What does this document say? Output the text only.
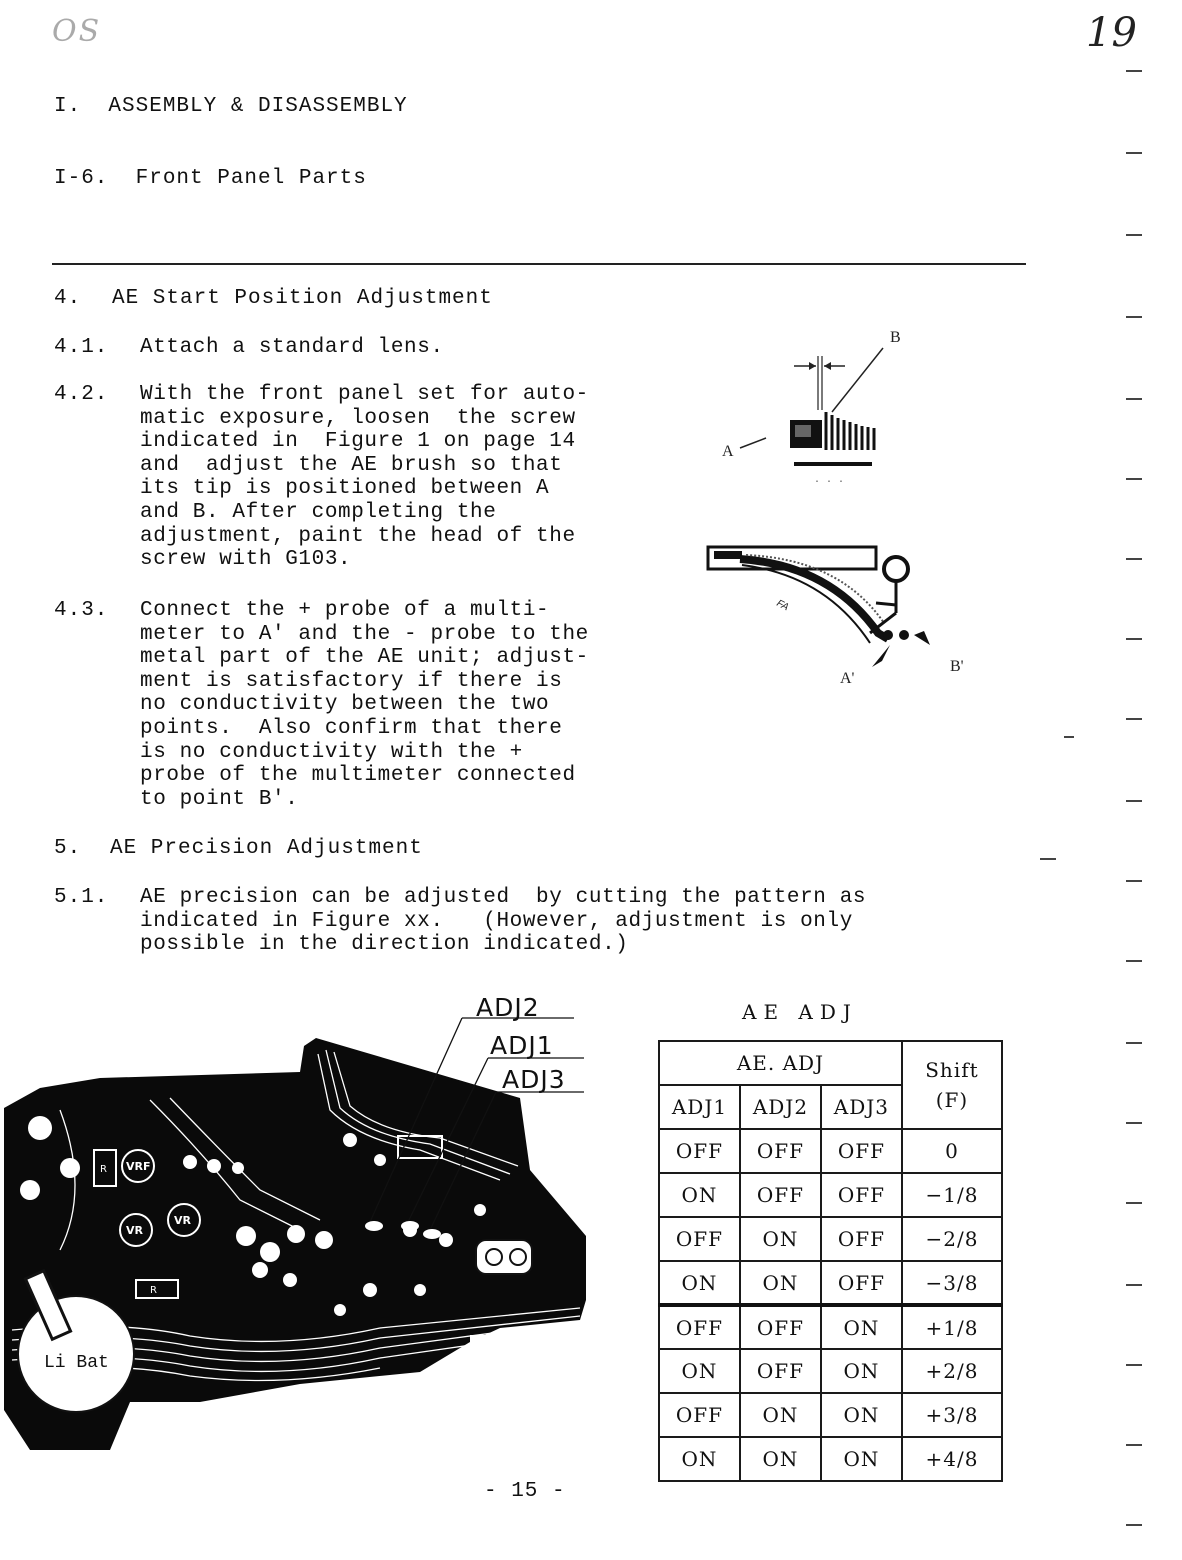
OS	19
I.  ASSEMBLY & DISASSEMBLY
I-6.  Front Panel Parts
4. AE Start Position Adjustment
4.1. Attach a standard lens.
4.2. With the front panel set for auto-
matic exposure, loosen  the screw
indicated in  Figure 1 on page 14
and  adjust the AE brush so that
its tip is positioned between A
and B. After completing the
adjustment, paint the head of the
screw with G103.
4.3. Connect the + probe of a multi-
meter to A' and the - probe to the
metal part of the AE unit; adjust-
ment is satisfactory if there is
no conductivity between the two
points.  Also confirm that there
is no conductivity with the +
probe of the multimeter connected
to point B'.
5. AE Precision Adjustment
5.1. AE precision can be adjusted  by cutting the pattern as
indicated in Figure xx.   (However, adjustment is only
possible in the direction indicated.)
B
A
· · ·
FA
A'
B'
VRF
VR
VR
R
R
Li Bat
ADJ2
ADJ1
ADJ3
AE ADJ
AE. ADJ			Shift
(F)

ADJ1	ADJ2	ADJ3	
OFF	OFF	OFF	0
ON	OFF	OFF	−1/8
OFF	ON	OFF	−2/8
ON	ON	OFF	−3/8
OFF	OFF	ON	+1/8
ON	OFF	ON	+2/8
OFF	ON	ON	+3/8
ON	ON	ON	+4/8
- 15 -
